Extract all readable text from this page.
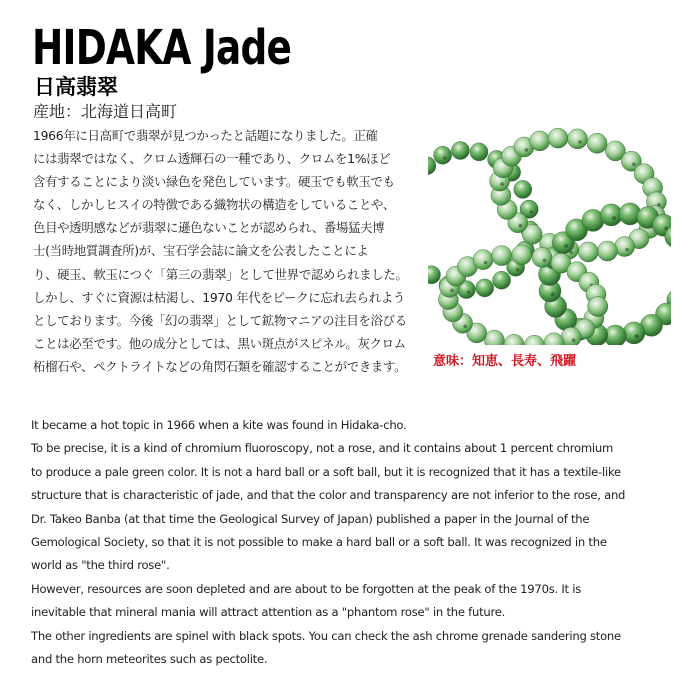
HIDAKA Jade
日高翡翠
産地：北海道日高町

1966年に日高町で翡翠が見つかったと話題になりました。正確

には翡翠ではなく、クロム透輝石の一種であり、クロムを1%ほど

含有することにより淡い緑色を発色しています。硬玉でも軟玉でも

なく、しかしヒスイの特徴である織物状の構造をしていることや、

色目や透明感などが翡翠に遜色ないことが認められ、番場猛夫博

士(当時地質調査所)が、宝石学会誌に論文を公表したことによ

り、硬玉、軟玉につぐ「第三の翡翠」として世界で認められました。

しかし、すぐに資源は枯渇し、1970 年代をピークに忘れ去られよう

としております。今後「幻の翡翠」として鉱物マニアの注目を浴びる

ことは必至です。他の成分としては、黒い斑点がスピネル。灰クロム

柘榴石や、ペクトライトなどの角閃石類を確認することができます。	意味：知恵、長寿、飛躍

It became a hot topic in 1966 when a kite was found in Hidaka-cho.

To be precise, it is a kind of chromium fluoroscopy, not a rose, and it contains about 1 percent chromium

to produce a pale green color. It is not a hard ball or a soft ball, but it is recognized that it has a textile-like

structure that is characteristic of jade, and that the color and transparency are not inferior to the rose, and

Dr. Takeo Banba (at that time the Geological Survey of Japan) published a paper in the Journal of the

Gemological Society, so that it is not possible to make a hard ball or a soft ball. It was recognized in the

world as "the third rose".

However, resources are soon depleted and are about to be forgotten at the peak of the 1970s. It is

inevitable that mineral mania will attract attention as a "phantom rose" in the future.

The other ingredients are spinel with black spots. You can check the ash chrome grenade sandering stone

and the horn meteorites such as pectolite.
